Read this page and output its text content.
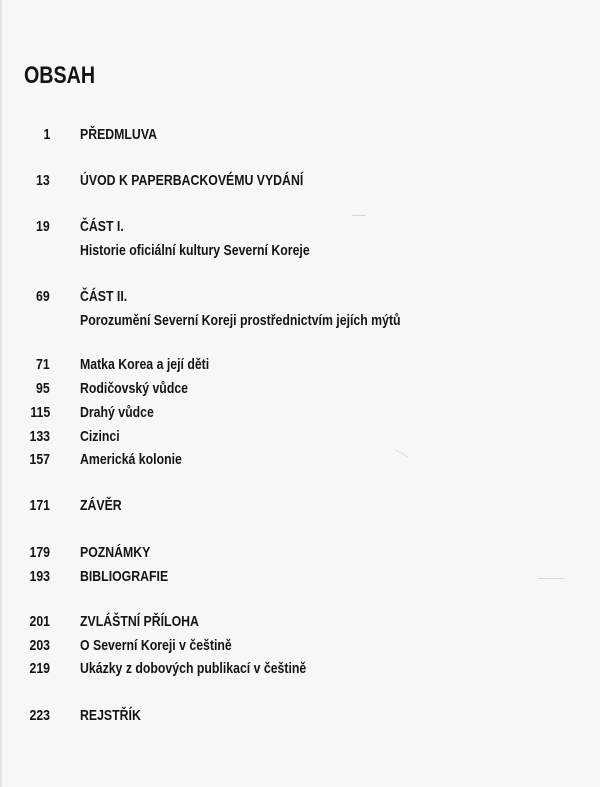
OBSAH
1 PŘEDMLUVA
13 ÚVOD K PAPERBACKOVÉMU VYDÁNÍ
19 ČÁST I.
Historie oficiální kultury Severní Koreje
69 ČÁST II.
Porozumění Severní Koreji prostřednictvím jejích mýtů
71 Matka Korea a její děti
95 Rodičovský vůdce
115 Drahý vůdce
133 Cizinci
157 Americká kolonie
171 ZÁVĚR
179 POZNÁMKY
193 BIBLIOGRAFIE
201 ZVLÁŠTNÍ PŘÍLOHA
203 O Severní Koreji v češtině
219 Ukázky z dobových publikací v češtině
223 REJSTŘÍK
